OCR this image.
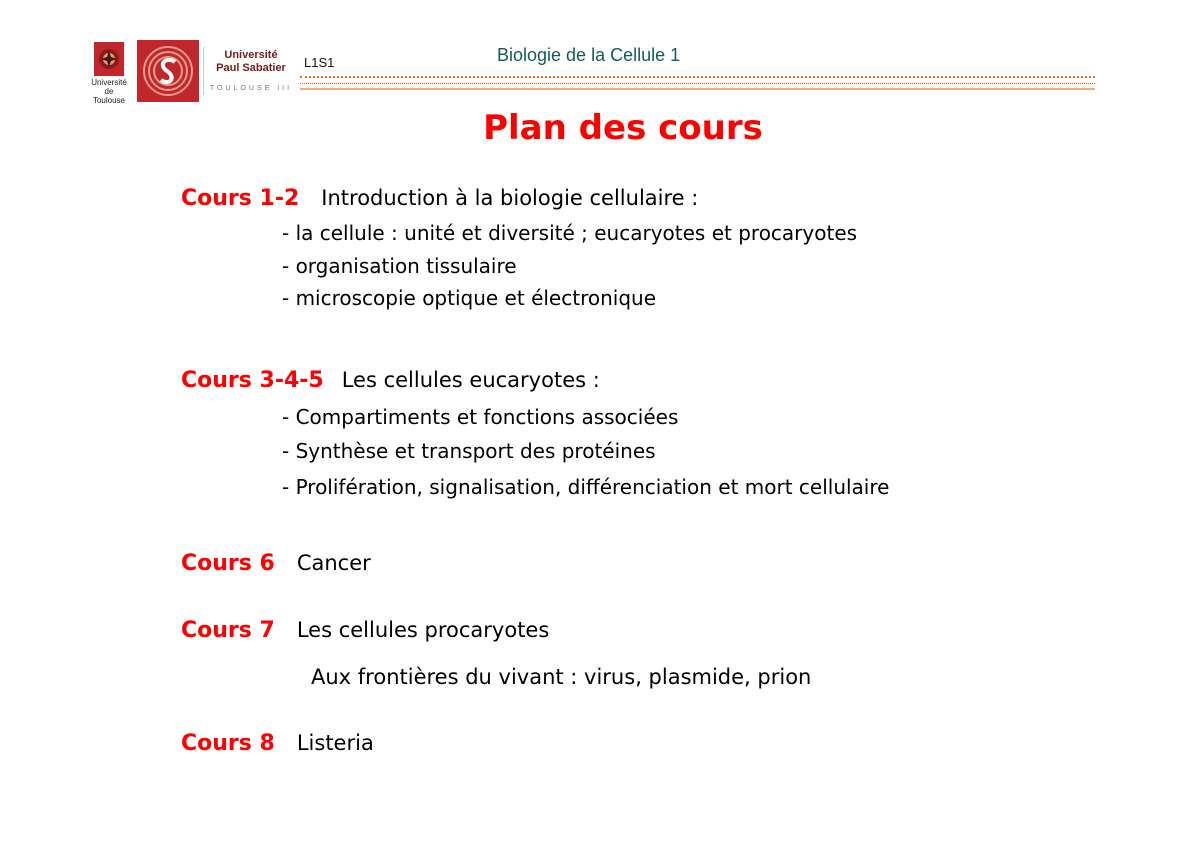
Université de Toulouse
Université
Paul Sabatier
TOULOUSE III
L1S1	Biologie de la Cellule 1
Plan des cours
Cours 1-2 Introduction à la biologie cellulaire :
- la cellule : unité et diversité ; eucaryotes et procaryotes
- organisation tissulaire
- microscopie optique et électronique
Cours 3-4-5 Les cellules eucaryotes :
- Compartiments et fonctions associées
- Synthèse et transport des protéines
- Prolifération, signalisation, différenciation et mort cellulaire
Cours 6 Cancer
Cours 7 Les cellules procaryotes
Aux frontières du vivant : virus, plasmide, prion
Cours 8 Listeria
